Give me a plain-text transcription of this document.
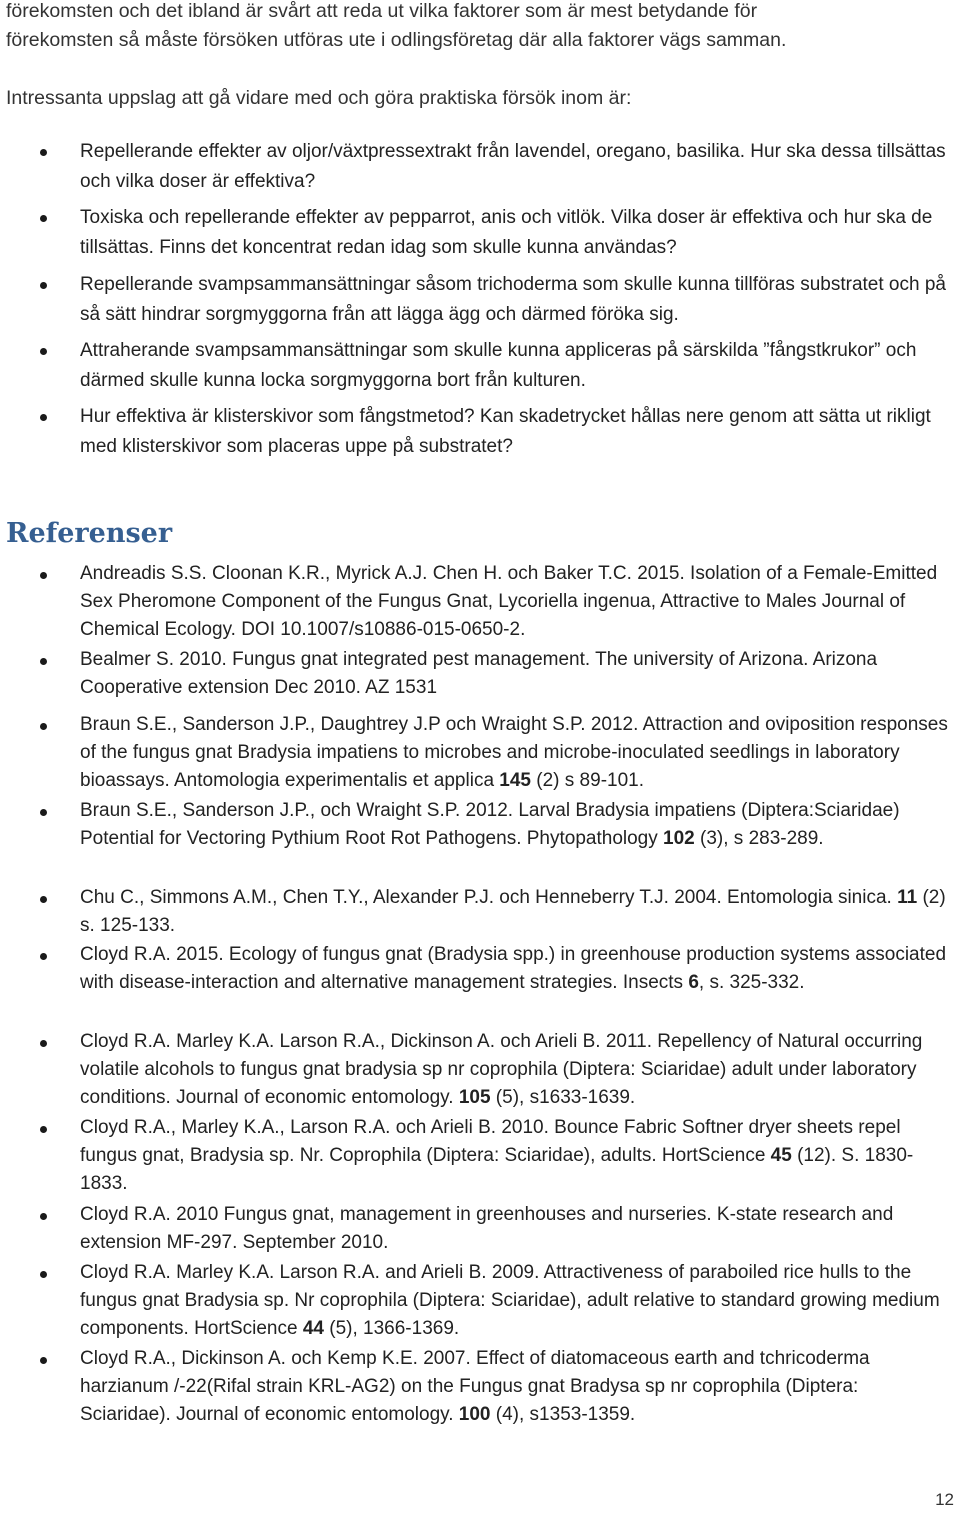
förekomsten och det ibland är svårt att reda ut vilka faktorer som är mest betydande för
förekomsten så måste försöken utföras ute i odlingsföretag där alla faktorer vägs samman.
Intressanta uppslag att gå vidare med och göra praktiska försök inom är:
Repellerande effekter av oljor/växtpressextrakt från lavendel, oregano, basilika. Hur ska dessa tillsättas och vilka doser är effektiva?
Toxiska och repellerande effekter av pepparrot, anis och vitlök. Vilka doser är effektiva och hur ska de tillsättas. Finns det koncentrat redan idag som skulle kunna användas?
Repellerande svampsammansättningar såsom trichoderma som skulle kunna tillföras substratet och på så sätt hindrar sorgmyggorna från att lägga ägg och därmed föröka sig.
Attraherande svampsammansättningar som skulle kunna appliceras på särskilda ”fångstkrukor” och därmed skulle kunna locka sorgmyggorna bort från kulturen.
Hur effektiva är klisterskivor som fångstmetod? Kan skadetrycket hållas nere genom att sätta ut rikligt med klisterskivor som placeras uppe på substratet?
Referenser
Andreadis S.S. Cloonan K.R., Myrick A.J. Chen H. och Baker T.C. 2015. Isolation of a Female-Emitted Sex Pheromone Component of the Fungus Gnat, Lycoriella ingenua, Attractive to Males Journal of Chemical Ecology. DOI 10.1007/s10886-015-0650-2.
Bealmer S. 2010. Fungus gnat integrated pest management. The university of Arizona. Arizona Cooperative extension Dec 2010. AZ 1531
Braun S.E., Sanderson J.P., Daughtrey J.P och Wraight S.P. 2012. Attraction and oviposition responses of the fungus gnat Bradysia impatiens to microbes and microbe-inoculated seedlings in laboratory bioassays. Antomologia experimentalis et applica 145 (2) s 89-101.
Braun S.E., Sanderson J.P., och Wraight S.P. 2012. Larval Bradysia impatiens (Diptera:Sciaridae) Potential for Vectoring Pythium Root Rot Pathogens. Phytopathology 102 (3), s 283-289.
Chu C., Simmons A.M., Chen T.Y., Alexander P.J. och Henneberry T.J. 2004. Entomologia sinica. 11 (2) s. 125-133.
Cloyd R.A. 2015. Ecology of fungus gnat (Bradysia spp.) in greenhouse production systems associated with disease-interaction and alternative management strategies. Insects 6, s. 325-332.
Cloyd R.A. Marley K.A. Larson R.A., Dickinson A. och Arieli B. 2011. Repellency of Natural occurring volatile alcohols to fungus gnat bradysia sp nr coprophila (Diptera: Sciaridae) adult under laboratory conditions. Journal of economic entomology. 105 (5), s1633-1639.
Cloyd R.A., Marley K.A., Larson R.A. och Arieli B. 2010. Bounce Fabric Softner dryer sheets repel fungus gnat, Bradysia sp. Nr. Coprophila (Diptera: Sciaridae), adults. HortScience 45 (12). S. 1830-1833.
Cloyd R.A. 2010 Fungus gnat, management in greenhouses and nurseries. K-state research and extension MF-297. September 2010.
Cloyd R.A. Marley K.A. Larson R.A. and Arieli B. 2009. Attractiveness of paraboiled rice hulls to the fungus gnat Bradysia sp. Nr coprophila (Diptera: Sciaridae), adult relative to standard growing medium components. HortScience 44 (5), 1366-1369.
Cloyd R.A., Dickinson A. och Kemp K.E. 2007. Effect of diatomaceous earth and tchricoderma harzianum /-22(Rifal strain KRL-AG2) on the Fungus gnat Bradysa sp nr coprophila (Diptera: Sciaridae). Journal of economic entomology. 100 (4), s1353-1359.
12
